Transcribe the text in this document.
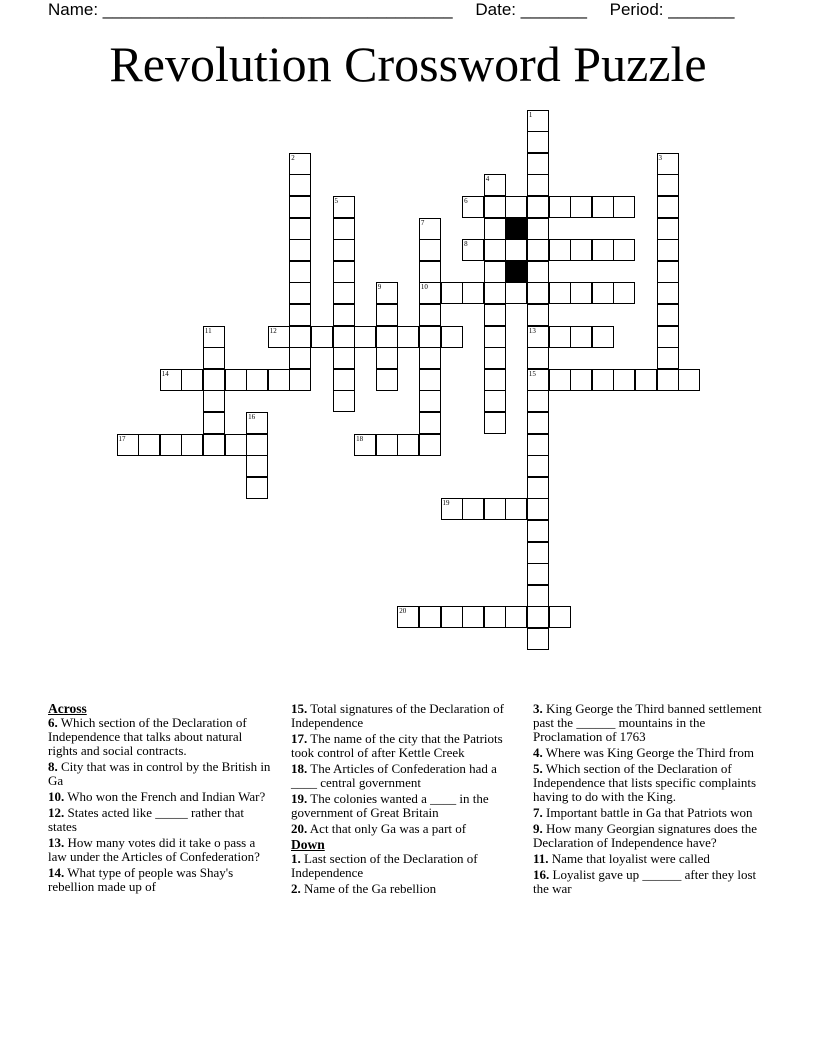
Name: _____________________________________ Date: _______ Period: _______
Revolution Crossword Puzzle
1
13
15
2	3
4
5	6
7
10
8
9
11	12
14
16
17	18
19
20
Across
6. Which section of the Declaration of Independence that talks about natural rights and social contracts.
8. City that was in control by the British in Ga
10. Who won the French and Indian War?
12. States acted like _____ rather that states
13. How many votes did it take o pass a law under the Articles of Confederation?
14. What type of people was Shay's rebellion made up of
15. Total signatures of the Declaration of Independence
17. The name of the city that the Patriots took control of after Kettle Creek
18. The Articles of Confederation had a ____ central government
19. The colonies wanted a ____ in the government of Great Britain
20. Act that only Ga was a part of
Down
1. Last section of the Declaration of Independence
2. Name of the Ga rebellion
3. King George the Third banned settlement past the ______ mountains in the Proclamation of 1763
4. Where was King George the Third from
5. Which section of the Declaration of Independence that lists specific complaints having to do with the King.
7. Important battle in Ga that Patriots won
9. How many Georgian signatures does the Declaration of Independence have?
11. Name that loyalist were called
16. Loyalist gave up ______ after they lost the war
